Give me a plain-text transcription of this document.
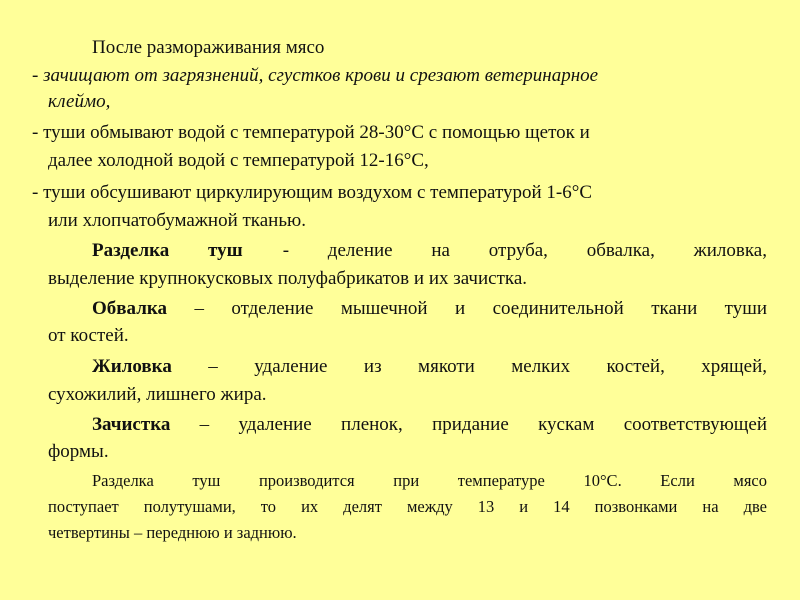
После размораживания мясо
- зачищают от загрязнений, сгустков крови и срезают ветеринарное
клеймо,
- туши обмывают водой с температурой 28-30°С с помощью щеток и
далее холодной водой с температурой 12-16°С,
- туши обсушивают циркулирующим воздухом с температурой 1-6°С
или хлопчатобумажной тканью.
Разделка туш - деление на отруба, обвалка, жиловка,
выделение крупнокусковых полуфабрикатов и их зачистка.
Обвалка – отделение мышечной и соединительной ткани туши
от костей.
Жиловка – удаление из мякоти мелких костей, хрящей,
сухожилий, лишнего жира.
Зачистка – удаление пленок, придание кускам соответствующей
формы.
Разделка туш производится при температуре 10°С. Если мясо
поступает полутушами, то их делят между 13 и 14 позвонками на две
четвертины – переднюю и заднюю.
